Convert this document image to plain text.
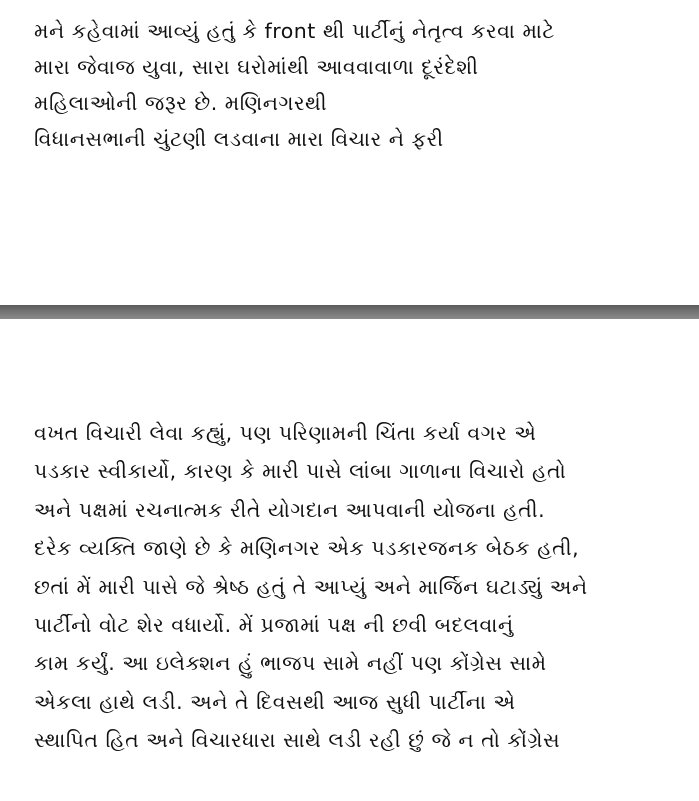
મને કહેવામાં આવ્યું હતું કે front થી પાર્ટીનું નેતૃત્વ કરવા માટે
મારા જેવાજ યુવા, સારા ઘરોમાંથી આવવાવાળા દૂરંદેશી
મહિલાઓની જરૂર છે. મણિનગરથી
વિધાનસભાની ચુંટણી લડવાના મારા વિચાર ને ફરી
વખત વિચારી લેવા કહ્યું, પણ પરિણામની ચિંતા કર્યા વગર એ
પડકાર સ્વીકાર્યો, કારણ કે મારી પાસે લાંબા ગાળાના વિચારો હતો
અને પક્ષમાં રચનાત્મક રીતે યોગદાન આપવાની યોજના હતી.
દરેક વ્યક્તિ જાણે છે કે મણિનગર એક પડકારજનક બેઠક હતી,
છતાં મેં મારી પાસે જે શ્રેષ્ઠ હતું તે આપ્યું અને માર્જિન ઘટાડ્યું અને
પાર્ટીનો વોટ શેર વધાર્યો. મેં પ્રજામાં પક્ષ ની છવી બદલવાનું
કામ કર્યું. આ ઇલેક્શન હું ભાજપ સામે નહીં પણ કોંગ્રેસ સામે
એકલા હાથે લડી. અને તે દિવસથી આજ સુધી પાર્ટીના એ
સ્થાપિત હિત અને વિચારધારા સાથે લડી રહી છું જે ન તો કોંગ્રેસ
